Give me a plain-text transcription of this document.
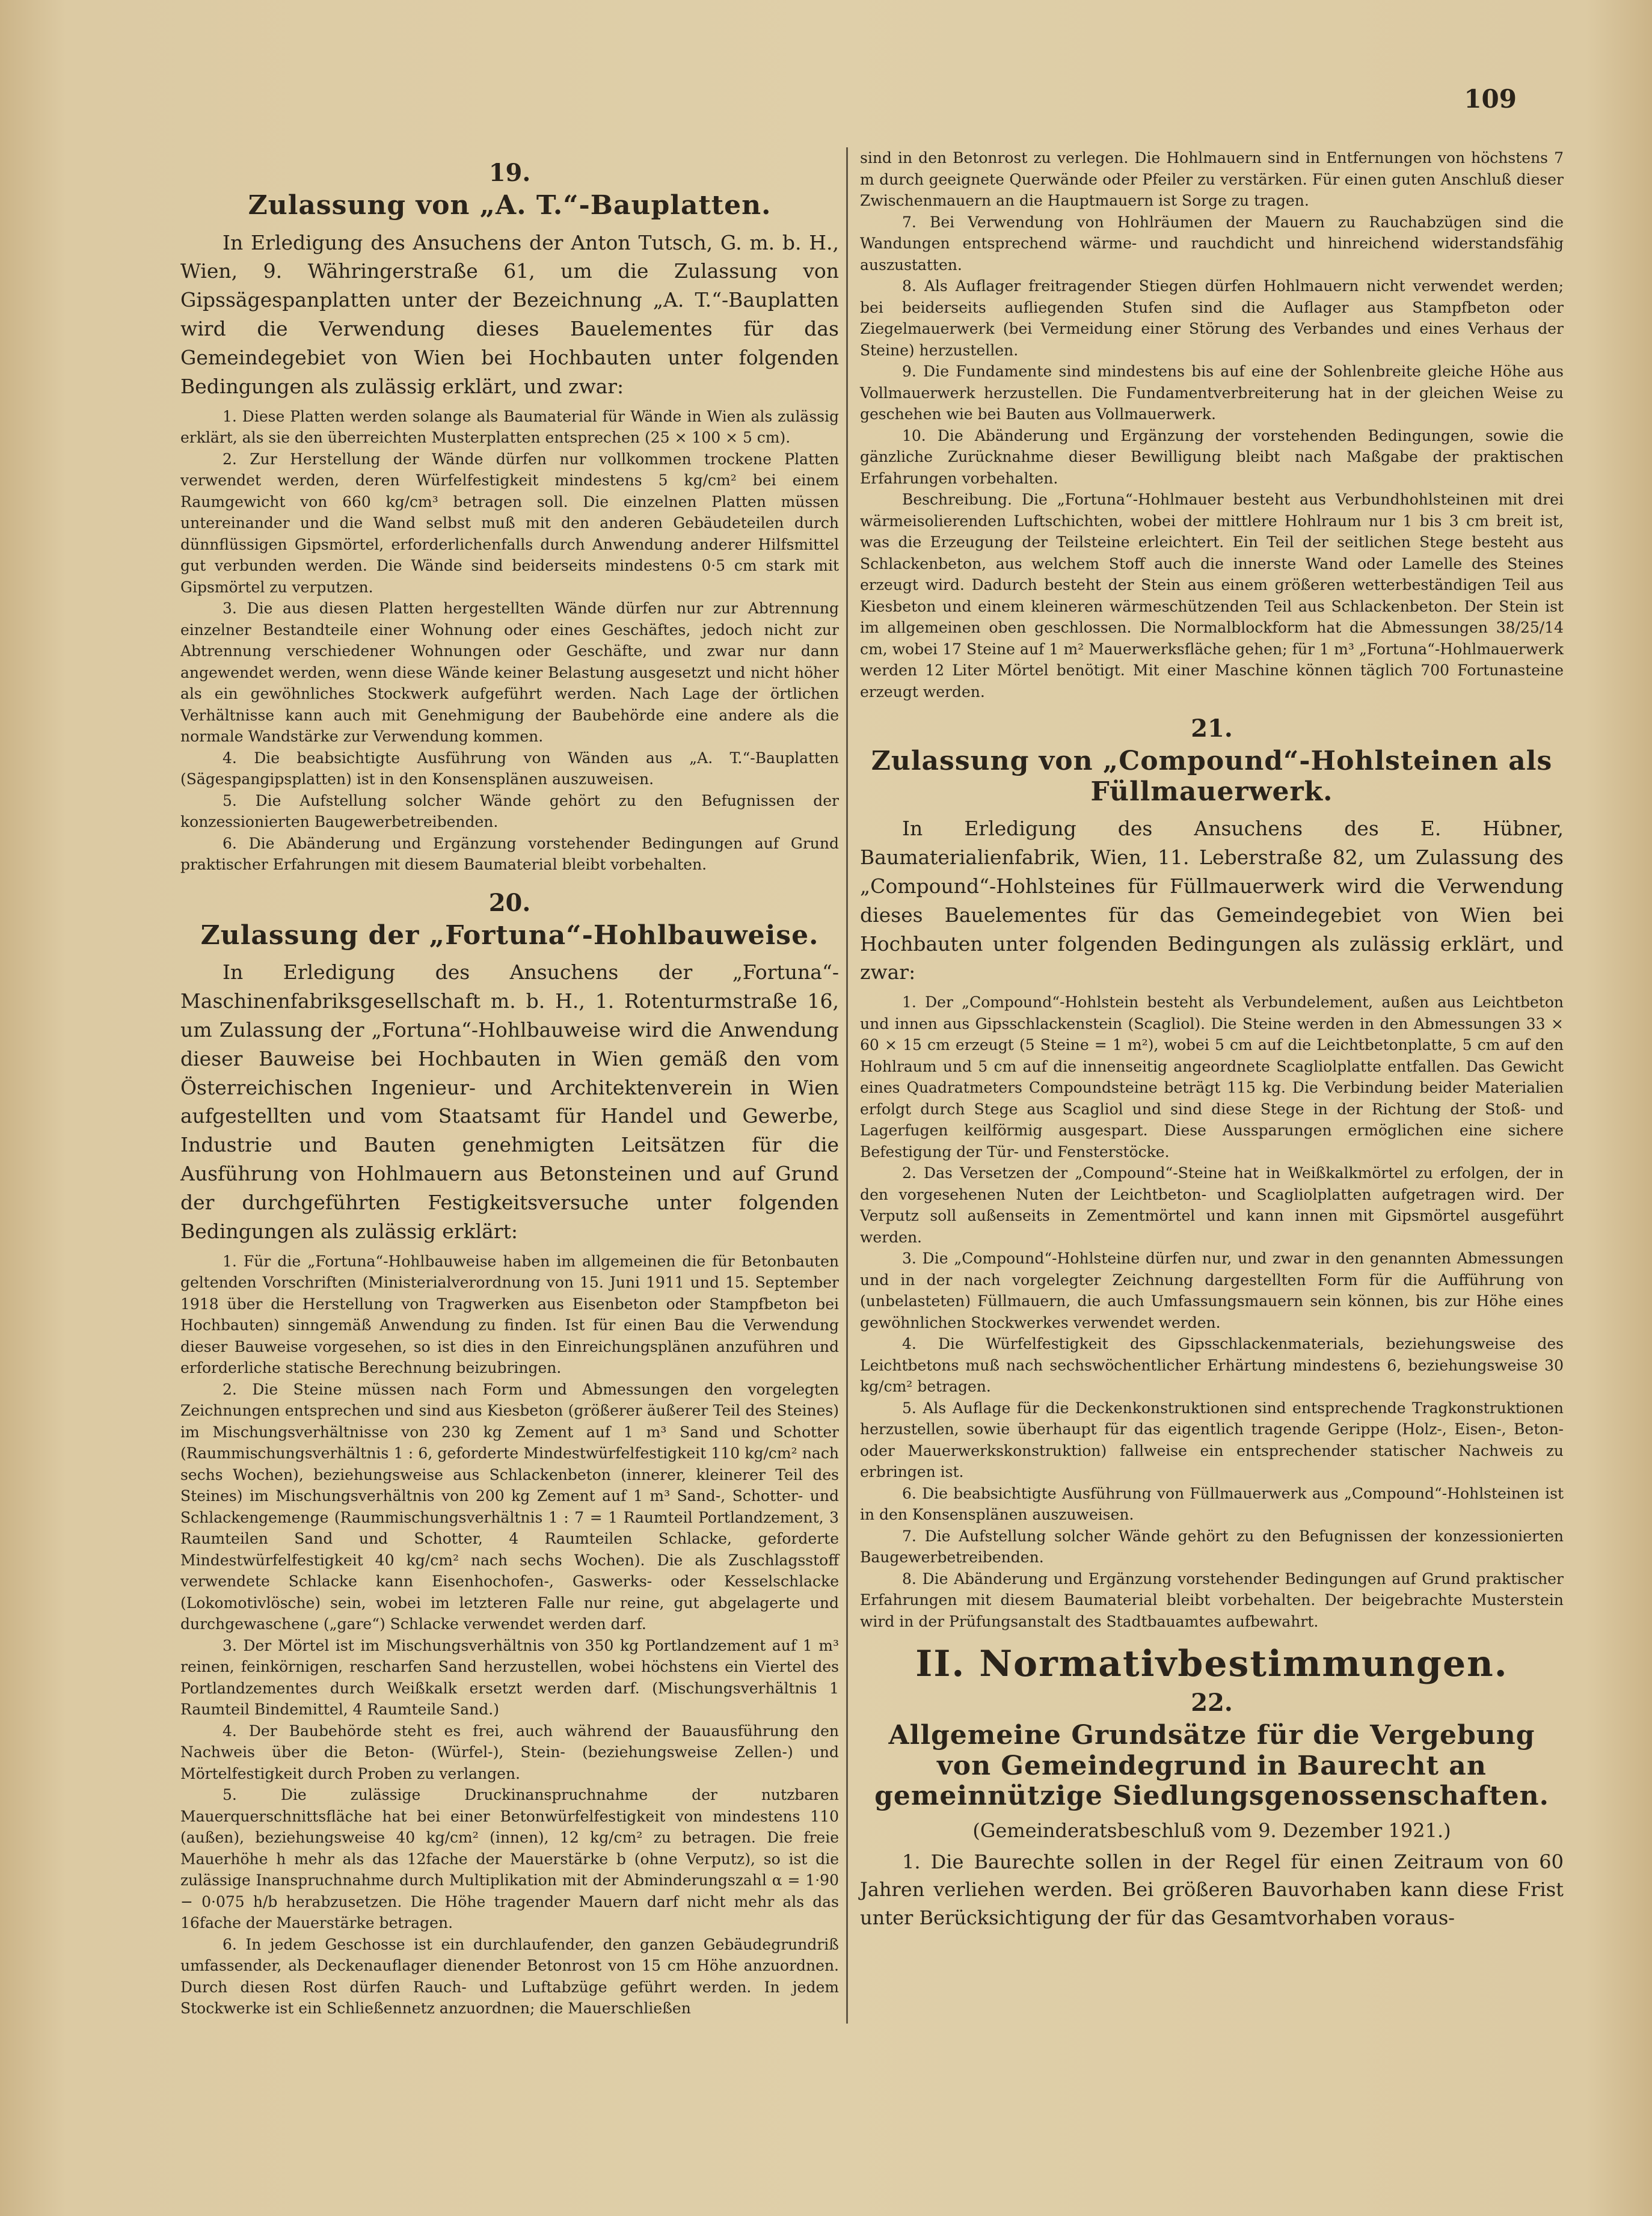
109
19.
Zulassung von „A. T.“-Bauplatten.

In Erledigung des Ansuchens der Anton Tutsch, G. m. b. H., Wien, 9. Währingerstraße 61, um die Zulassung von Gipssägespanplatten unter der Bezeichnung „A. T.“-Bauplatten wird die Verwendung dieses Bauelementes für das Gemeindegebiet von Wien bei Hochbauten unter folgenden Bedingungen als zulässig erklärt, und zwar:

1. Diese Platten werden solange als Baumaterial für Wände in Wien als zulässig erklärt, als sie den überreichten Musterplatten entsprechen (25 × 100 × 5 cm).

2. Zur Herstellung der Wände dürfen nur vollkommen trockene Platten verwendet werden, deren Würfelfestigkeit mindestens 5 kg/cm² bei einem Raumgewicht von 660 kg/cm³ betragen soll. Die einzelnen Platten müssen untereinander und die Wand selbst muß mit den anderen Gebäudeteilen durch dünnflüssigen Gipsmörtel, erforderlichenfalls durch Anwendung anderer Hilfsmittel gut verbunden werden. Die Wände sind beiderseits mindestens 0·5 cm stark mit Gipsmörtel zu verputzen.

3. Die aus diesen Platten hergestellten Wände dürfen nur zur Abtrennung einzelner Bestandteile einer Wohnung oder eines Geschäftes, jedoch nicht zur Abtrennung verschiedener Wohnungen oder Geschäfte, und zwar nur dann angewendet werden, wenn diese Wände keiner Belastung ausgesetzt und nicht höher als ein gewöhnliches Stockwerk aufgeführt werden. Nach Lage der örtlichen Verhältnisse kann auch mit Genehmigung der Baubehörde eine andere als die normale Wandstärke zur Verwendung kommen.

4. Die beabsichtigte Ausführung von Wänden aus „A. T.“-Bauplatten (Sägespangipsplatten) ist in den Konsensplänen auszuweisen.

5. Die Aufstellung solcher Wände gehört zu den Befugnissen der konzessionierten Baugewerbetreibenden.

6. Die Abänderung und Ergänzung vorstehender Bedingungen auf Grund praktischer Erfahrungen mit diesem Baumaterial bleibt vorbehalten.

20.
Zulassung der „Fortuna“-Hohlbauweise.

In Erledigung des Ansuchens der „Fortuna“-Maschinenfabriksgesellschaft m. b. H., 1. Rotenturmstraße 16, um Zulassung der „Fortuna“-Hohlbauweise wird die Anwendung dieser Bauweise bei Hochbauten in Wien gemäß den vom Österreichischen Ingenieur- und Architektenverein in Wien aufgestellten und vom Staatsamt für Handel und Gewerbe, Industrie und Bauten genehmigten Leitsätzen für die Ausführung von Hohlmauern aus Betonsteinen und auf Grund der durchgeführten Festigkeitsversuche unter folgenden Bedingungen als zulässig erklärt:

1. Für die „Fortuna“-Hohlbauweise haben im allgemeinen die für Betonbauten geltenden Vorschriften (Ministerialverordnung von 15. Juni 1911 und 15. September 1918 über die Herstellung von Tragwerken aus Eisenbeton oder Stampfbeton bei Hochbauten) sinngemäß Anwendung zu finden. Ist für einen Bau die Verwendung dieser Bauweise vorgesehen, so ist dies in den Einreichungsplänen anzuführen und erforderliche statische Berechnung beizubringen.

2. Die Steine müssen nach Form und Abmessungen den vorgelegten Zeichnungen entsprechen und sind aus Kiesbeton (größerer äußerer Teil des Steines) im Mischungsverhältnisse von 230 kg Zement auf 1 m³ Sand und Schotter (Raummischungsverhältnis 1 : 6, geforderte Mindestwürfelfestigkeit 110 kg/cm² nach sechs Wochen), beziehungsweise aus Schlackenbeton (innerer, kleinerer Teil des Steines) im Mischungsverhältnis von 200 kg Zement auf 1 m³ Sand-, Schotter- und Schlackengemenge (Raummischungsverhältnis 1 : 7 = 1 Raumteil Portlandzement, 3 Raumteilen Sand und Schotter, 4 Raumteilen Schlacke, geforderte Mindestwürfelfestigkeit 40 kg/cm² nach sechs Wochen). Die als Zuschlagsstoff verwendete Schlacke kann Eisenhochofen-, Gaswerks- oder Kesselschlacke (Lokomotivlösche) sein, wobei im letzteren Falle nur reine, gut abgelagerte und durchgewaschene („gare“) Schlacke verwendet werden darf.

3. Der Mörtel ist im Mischungsverhältnis von 350 kg Portlandzement auf 1 m³ reinen, feinkörnigen, rescharfen Sand herzustellen, wobei höchstens ein Viertel des Portlandzementes durch Weißkalk ersetzt werden darf. (Mischungsverhältnis 1 Raumteil Bindemittel, 4 Raumteile Sand.)

4. Der Baubehörde steht es frei, auch während der Bauausführung den Nachweis über die Beton- (Würfel-), Stein- (beziehungsweise Zellen-) und Mörtelfestigkeit durch Proben zu verlangen.

5. Die zulässige Druckinanspruchnahme der nutzbaren Mauerquerschnittsfläche hat bei einer Betonwürfelfestigkeit von mindestens 110 (außen), beziehungsweise 40 kg/cm² (innen), 12 kg/cm² zu betragen. Die freie Mauerhöhe h mehr als das 12fache der Mauerstärke b (ohne Verputz), so ist die zulässige Inanspruchnahme durch Multiplikation mit der Abminderungszahl α = 1·90 − 0·075 h/b herabzusetzen. Die Höhe tragender Mauern darf nicht mehr als das 16fache der Mauerstärke betragen.

6. In jedem Geschosse ist ein durchlaufender, den ganzen Gebäudegrundriß umfassender, als Deckenauflager dienender Betonrost von 15 cm Höhe anzuordnen. Durch diesen Rost dürfen Rauch- und Luftabzüge geführt werden. In jedem Stockwerke ist ein Schließennetz anzuordnen; die Mauerschließen

sind in den Betonrost zu verlegen. Die Hohlmauern sind in Entfernungen von höchstens 7 m durch geeignete Querwände oder Pfeiler zu verstärken. Für einen guten Anschluß dieser Zwischenmauern an die Hauptmauern ist Sorge zu tragen.

7. Bei Verwendung von Hohlräumen der Mauern zu Rauchabzügen sind die Wandungen entsprechend wärme- und rauchdicht und hinreichend widerstandsfähig auszustatten.

8. Als Auflager freitragender Stiegen dürfen Hohlmauern nicht verwendet werden; bei beiderseits aufliegenden Stufen sind die Auflager aus Stampfbeton oder Ziegelmauerwerk (bei Vermeidung einer Störung des Verbandes und eines Verhaus der Steine) herzustellen.

9. Die Fundamente sind mindestens bis auf eine der Sohlenbreite gleiche Höhe aus Vollmauerwerk herzustellen. Die Fundamentverbreiterung hat in der gleichen Weise zu geschehen wie bei Bauten aus Vollmauerwerk.

10. Die Abänderung und Ergänzung der vorstehenden Bedingungen, sowie die gänzliche Zurücknahme dieser Bewilligung bleibt nach Maßgabe der praktischen Erfahrungen vorbehalten.

Beschreibung. Die „Fortuna“-Hohlmauer besteht aus Verbundhohlsteinen mit drei wärmeisolierenden Luftschichten, wobei der mittlere Hohlraum nur 1 bis 3 cm breit ist, was die Erzeugung der Teilsteine erleichtert. Ein Teil der seitlichen Stege besteht aus Schlackenbeton, aus welchem Stoff auch die innerste Wand oder Lamelle des Steines erzeugt wird. Dadurch besteht der Stein aus einem größeren wetterbeständigen Teil aus Kiesbeton und einem kleineren wärmeschützenden Teil aus Schlackenbeton. Der Stein ist im allgemeinen oben geschlossen. Die Normalblockform hat die Abmessungen 38/25/14 cm, wobei 17 Steine auf 1 m² Mauerwerksfläche gehen; für 1 m³ „Fortuna“-Hohlmauerwerk werden 12 Liter Mörtel benötigt. Mit einer Maschine können täglich 700 Fortunasteine erzeugt werden.

21.
Zulassung von „Compound“-Hohlsteinen als Füllmauerwerk.

In Erledigung des Ansuchens des E. Hübner, Baumaterialienfabrik, Wien, 11. Leberstraße 82, um Zulassung des „Compound“-Hohlsteines für Füllmauerwerk wird die Verwendung dieses Bauelementes für das Gemeindegebiet von Wien bei Hochbauten unter folgenden Bedingungen als zulässig erklärt, und zwar:

1. Der „Compound“-Hohlstein besteht als Verbundelement, außen aus Leichtbeton und innen aus Gipsschlackenstein (Scagliol). Die Steine werden in den Abmessungen 33 × 60 × 15 cm erzeugt (5 Steine = 1 m²), wobei 5 cm auf die Leichtbetonplatte, 5 cm auf den Hohlraum und 5 cm auf die innenseitig angeordnete Scagliolplatte entfallen. Das Gewicht eines Quadratmeters Compoundsteine beträgt 115 kg. Die Verbindung beider Materialien erfolgt durch Stege aus Scagliol und sind diese Stege in der Richtung der Stoß- und Lagerfugen keilförmig ausgespart. Diese Aussparungen ermöglichen eine sichere Befestigung der Tür- und Fensterstöcke.

2. Das Versetzen der „Compound“-Steine hat in Weißkalkmörtel zu erfolgen, der in den vorgesehenen Nuten der Leichtbeton- und Scagliolplatten aufgetragen wird. Der Verputz soll außenseits in Zementmörtel und kann innen mit Gipsmörtel ausgeführt werden.

3. Die „Compound“-Hohlsteine dürfen nur, und zwar in den genannten Abmessungen und in der nach vorgelegter Zeichnung dargestellten Form für die Aufführung von (unbelasteten) Füllmauern, die auch Umfassungsmauern sein können, bis zur Höhe eines gewöhnlichen Stockwerkes verwendet werden.

4. Die Würfelfestigkeit des Gipsschlackenmaterials, beziehungsweise des Leichtbetons muß nach sechswöchentlicher Erhärtung mindestens 6, beziehungsweise 30 kg/cm² betragen.

5. Als Auflage für die Deckenkonstruktionen sind entsprechende Tragkonstruktionen herzustellen, sowie überhaupt für das eigentlich tragende Gerippe (Holz-, Eisen-, Beton- oder Mauerwerkskonstruktion) fallweise ein entsprechender statischer Nachweis zu erbringen ist.

6. Die beabsichtigte Ausführung von Füllmauerwerk aus „Compound“-Hohlsteinen ist in den Konsensplänen auszuweisen.

7. Die Aufstellung solcher Wände gehört zu den Befugnissen der konzessionierten Baugewerbetreibenden.

8. Die Abänderung und Ergänzung vorstehender Bedingungen auf Grund praktischer Erfahrungen mit diesem Baumaterial bleibt vorbehalten. Der beigebrachte Musterstein wird in der Prüfungsanstalt des Stadtbauamtes aufbewahrt.

II. Normativbestimmungen.
22.
Allgemeine Grundsätze für die Vergebung von Gemeindegrund in Baurecht an gemeinnützige Siedlungsgenossenschaften.
(Gemeinderatsbeschluß vom 9. Dezember 1921.)

1. Die Baurechte sollen in der Regel für einen Zeitraum von 60 Jahren verliehen werden. Bei größeren Bauvorhaben kann diese Frist unter Berücksichtigung der für das Gesamtvorhaben voraus-
